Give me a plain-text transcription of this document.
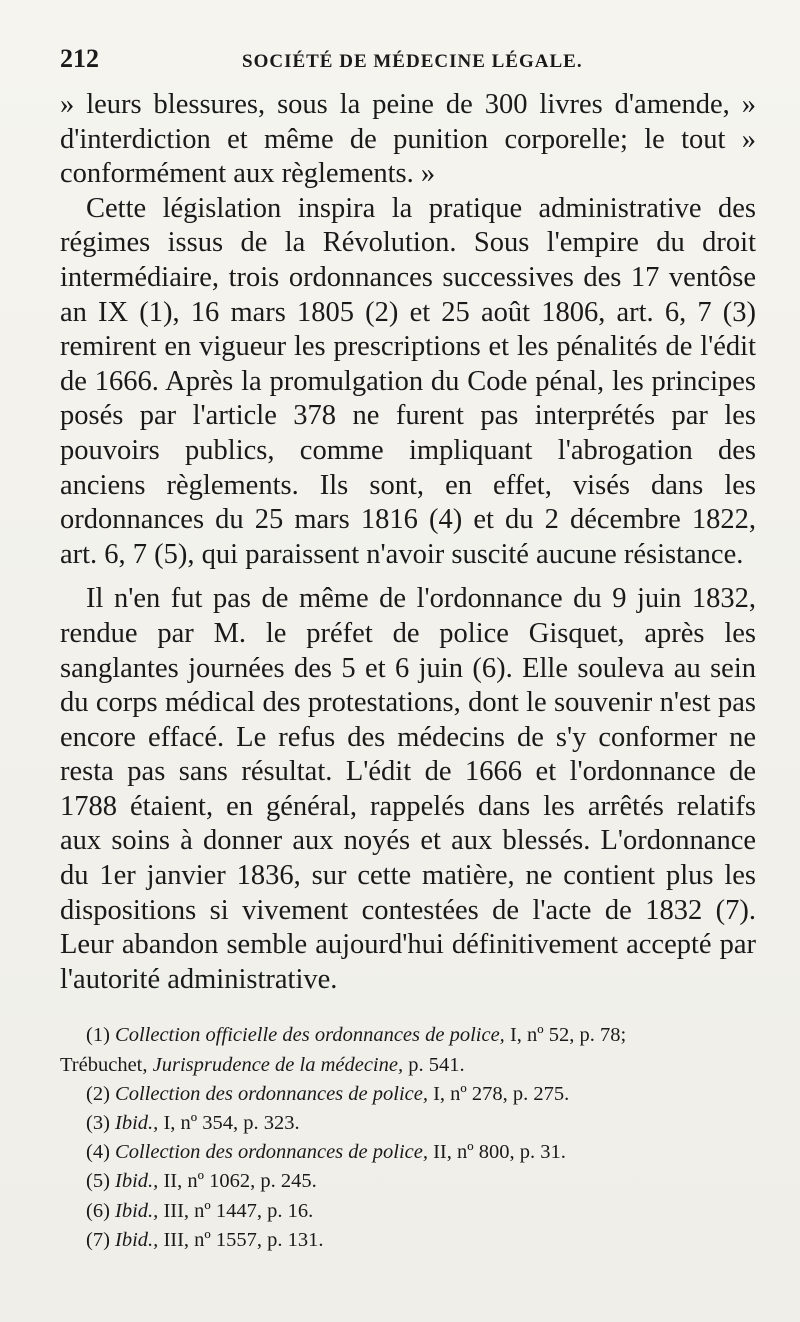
212	SOCIÉTÉ DE MÉDECINE LÉGALE.

» leurs blessures, sous la peine de 300 livres d'amende, » d'interdiction et même de punition corporelle; le tout » conformément aux règlements. »

Cette législation inspira la pratique administrative des régimes issus de la Révolution. Sous l'empire du droit intermédiaire, trois ordonnances successives des 17 ventôse an IX (1), 16 mars 1805 (2) et 25 août 1806, art. 6, 7 (3) remirent en vigueur les prescriptions et les pénalités de l'édit de 1666. Après la promulgation du Code pénal, les principes posés par l'article 378 ne furent pas interprétés par les pouvoirs publics, comme impliquant l'abrogation des anciens règlements. Ils sont, en effet, visés dans les ordonnances du 25 mars 1816 (4) et du 2 décembre 1822, art. 6, 7 (5), qui paraissent n'avoir suscité aucune résistance.

Il n'en fut pas de même de l'ordonnance du 9 juin 1832, rendue par M. le préfet de police Gisquet, après les sanglantes journées des 5 et 6 juin (6). Elle souleva au sein du corps médical des protestations, dont le souvenir n'est pas encore effacé. Le refus des médecins de s'y conformer ne resta pas sans résultat. L'édit de 1666 et l'ordonnance de 1788 étaient, en général, rappelés dans les arrêtés relatifs aux soins à donner aux noyés et aux blessés. L'ordonnance du 1er janvier 1836, sur cette matière, ne contient plus les dispositions si vivement contestées de l'acte de 1832 (7). Leur abandon semble aujourd'hui définitivement accepté par l'autorité administrative.

(1) Collection officielle des ordonnances de police, I, nº 52, p. 78;

Trébuchet, Jurisprudence de la médecine, p. 541.

(2) Collection des ordonnances de police, I, nº 278, p. 275.

(3) Ibid., I, nº 354, p. 323.

(4) Collection des ordonnances de police, II, nº 800, p. 31.

(5) Ibid., II, nº 1062, p. 245.

(6) Ibid., III, nº 1447, p. 16.

(7) Ibid., III, nº 1557, p. 131.
